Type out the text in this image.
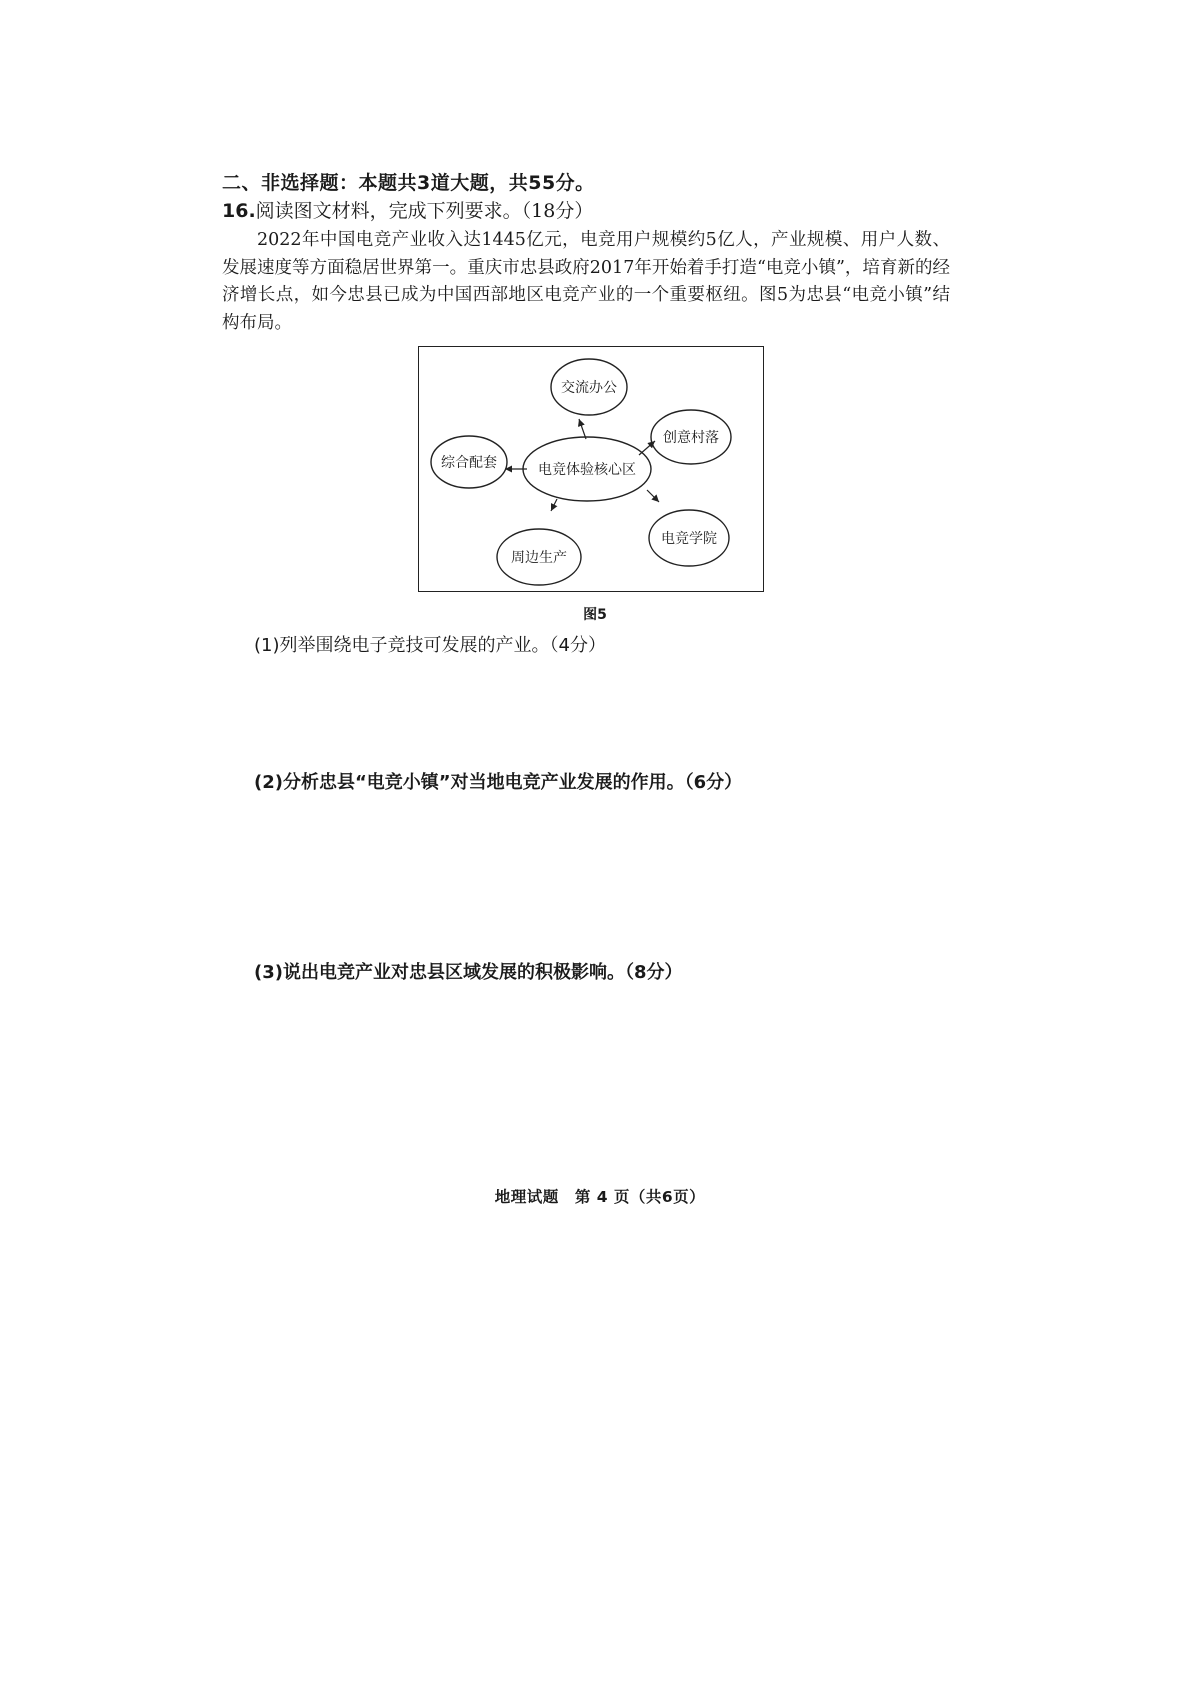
二、非选择题：本题共3道大题，共55分。
16.阅读图文材料，完成下列要求。（18分）

2022年中国电竞产业收入达1445亿元，电竞用户规模约5亿人，产业规模、用户人数、发展速度等方面稳居世界第一。重庆市忠县政府2017年开始着手打造“电竞小镇”，培育新的经济增长点，如今忠县已成为中国西部地区电竞产业的一个重要枢纽。图5为忠县“电竞小镇”结构布局。

电竞体验核心区
交流办公
综合配套
创意村落
电竞学院
周边生产
图5
(1)列举围绕电子竞技可发展的产业。（4分）
(2)分析忠县“电竞小镇”对当地电竞产业发展的作用。（6分）
(3)说出电竞产业对忠县区域发展的积极影响。（8分）
地理试题 第 4 页（共6页）
